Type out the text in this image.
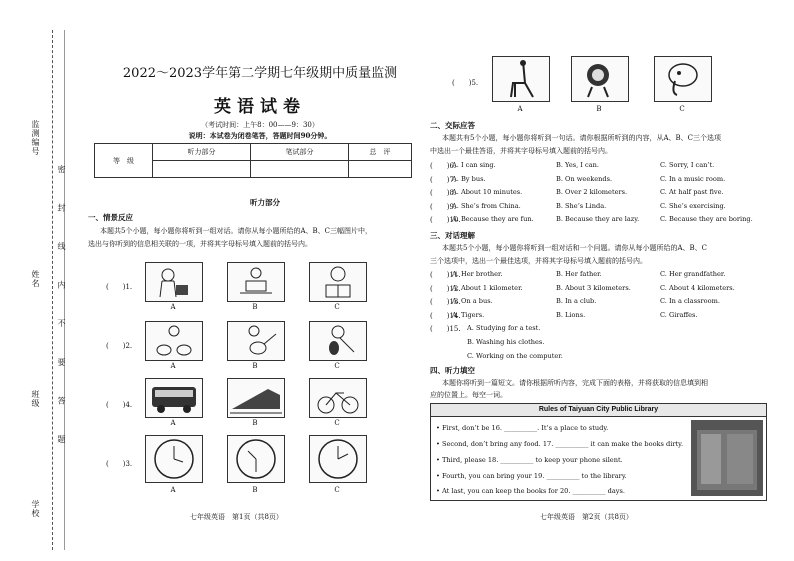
监测编号
姓名
班级
学校
密 封 线 内 不 要 答 题
2022～2023学年第二学期七年级期中质量监测
英语试卷
（考试时间：上午8：00——9：30）
说明：本试卷为闭卷笔答，答题时间90分钟。
等　级	听力部分	笔试部分	总　评

听力部分
一、情景反应
本题共5个小题，每小题你将听到一组对话。请你从每小题所给的A、B、C三幅图片中，
选出与你听到的信息相关联的一项，并将其字母标号填入题前的括号内。
(　　)1.
A	B	C
(　　)2.
A	B	C
A	B	C
(　　)3.
A	B	C
(　　)4.
七年级英语　第1页（共8页）
(　　)5.
A	B	C
二、交际应答
本题共有5个小题，每小题你将听到一句话。请你根据所听到的内容，从A、B、C三个选项
中选出一个最佳答语，并将其字母标号填入题前的括号内。
(　　)6.
A. I can sing.	B. Yes, I can.	C. Sorry, I can’t.
(　　)7.
A. By bus.	B. On weekends.	C. In a music room.
(　　)8.
A. About 10 minutes.	B. Over 2 kilometers.	C. At half past five.
(　　)9.
A. She’s from China.	B. She’s Linda.	C. She’s exercising.
(　　)10.
A. Because they are fun.	B. Because they are lazy.	C. Because they are boring.
三、对话理解
本题共5个小题，每小题你将听到一组对话和一个问题。请你从每小题所给的A、B、C
三个选项中，选出一个最佳选项，并将其字母标号填入题前的括号内。
(　　)11.
A. Her brother.	B. Her father.	C. Her grandfather.
(　　)12.
A. About 1 kilometer.	B. About 3 kilometers.	C. About 4 kilometers.
(　　)13.
A. On a bus.	B. In a club.	C. In a classroom.
(　　)14.
A. Tigers.	B. Lions.	C. Giraffes.
(　　)15. A. Studying for a test.
B. Washing his clothes.
C. Working on the computer.
四、听力填空
本题你将听到一篇短文。请你根据所听内容，完成下面的表格，并将获取的信息填到相
应的位置上。每空一词。
Rules of Taiyuan City Public Library
• First, don’t be 16. __________. It’s a place to study.
• Second, don’t bring any food. 17. __________ it can make the books dirty.
• Third, please 18. __________ to keep your phone silent.
• Fourth, you can bring your 19. __________ to the library.
• At last, you can keep the books for 20. __________ days.
七年级英语　第2页（共8页）
